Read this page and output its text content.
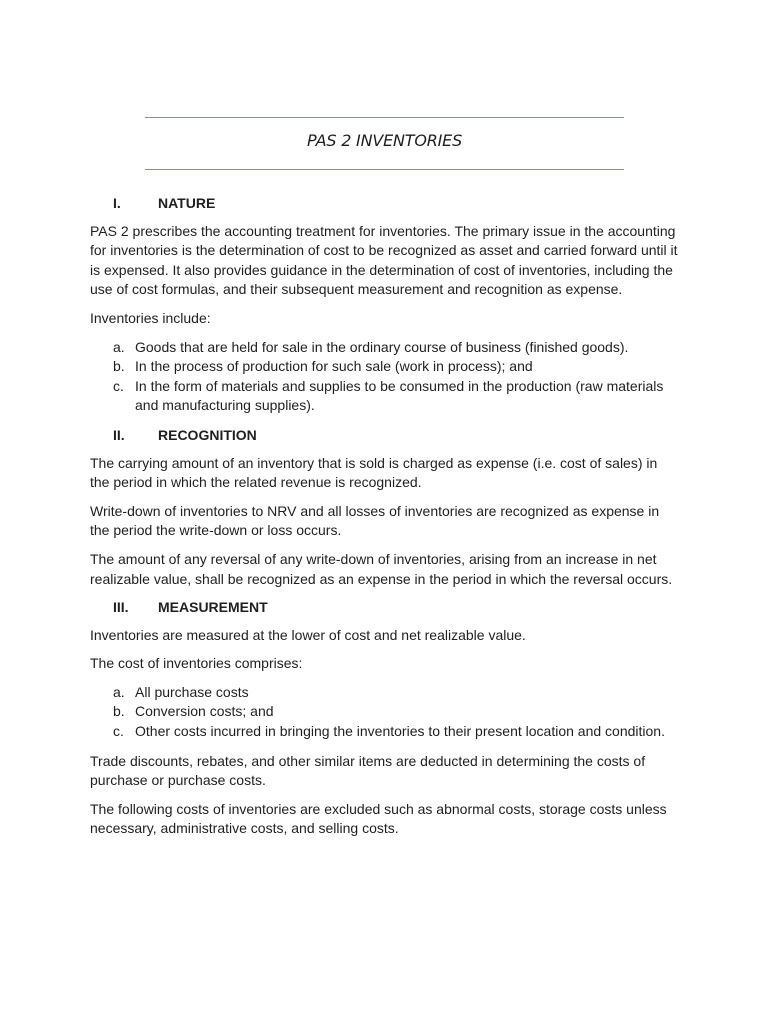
PAS 2 INVENTORIES
I.	NATURE

PAS 2 prescribes the accounting treatment for inventories. The primary issue in the accounting for inventories is the determination of cost to be recognized as asset and carried forward until it is expensed. It also provides guidance in the determination of cost of inventories, including the use of cost formulas, and their subsequent measurement and recognition as expense.

Inventories include:

a. Goods that are held for sale in the ordinary course of business (finished goods).
b. In the process of production for such sale (work in process); and
c. In the form of materials and supplies to be consumed in the production (raw materials and manufacturing supplies).
II.	RECOGNITION

The carrying amount of an inventory that is sold is charged as expense (i.e. cost of sales) in the period in which the related revenue is recognized.

Write-down of inventories to NRV and all losses of inventories are recognized as expense in the period the write-down or loss occurs.

The amount of any reversal of any write-down of inventories, arising from an increase in net realizable value, shall be recognized as an expense in the period in which the reversal occurs.

III.	MEASUREMENT

Inventories are measured at the lower of cost and net realizable value.

The cost of inventories comprises:

a. All purchase costs
b. Conversion costs; and
c. Other costs incurred in bringing the inventories to their present location and condition.

Trade discounts, rebates, and other similar items are deducted in determining the costs of purchase or purchase costs.

The following costs of inventories are excluded such as abnormal costs, storage costs unless necessary, administrative costs, and selling costs.
